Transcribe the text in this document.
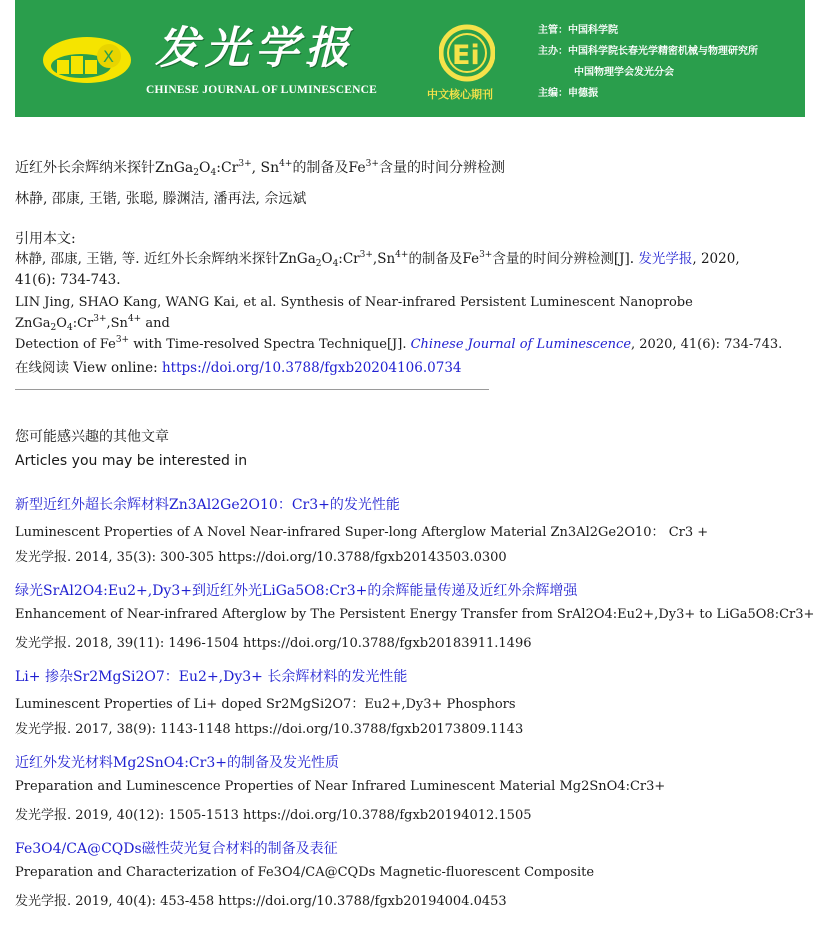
X 发光学报
CHINESE JOURNAL OF LUMINESCENCE
Ei
中文核心期刊
主管：中国科学院
主办：中国科学院长春光学精密机械与物理研究所
中国物理学会发光分会
主编：申德振
近红外长余辉纳米探针$ZnGa_2O_4:Cr^{3+}$, $Sn^{4+}$的制备及$Fe^{3+}$含量的时间分辨检测
林静, 邵康, 王锴, 张聪, 滕渊洁, 潘再法, 佘远斌
引用本文:
林静, 邵康, 王锴, 等. 近红外长余辉纳米探针$ZnGa_2O_4:Cr^{3+},Sn^{4+}$的制备及$Fe^{3+}$含量的时间分辨检测[J]. 发光学报, 2020,
41(6): 734-743.
LIN Jing, SHAO Kang, WANG Kai, et al. Synthesis of Near-infrared Persistent Luminescent Nanoprobe $ZnGa_2O_4:Cr^{3+},Sn^{4+}$ and
Detection of $Fe^{3+}$ with Time-resolved Spectra Technique[J]. Chinese Journal of Luminescence, 2020, 41(6): 734-743.
在线阅读 View online: https://doi.org/10.3788/fgxb20204106.0734
您可能感兴趣的其他文章
Articles you may be interested in
新型近红外超长余辉材料Zn3Al2Ge2O10：Cr3+的发光性能
Luminescent Properties of A Novel Near-infrared Super-long Afterglow Material Zn3Al2Ge2O10： Cr3 +
发光学报. 2014, 35(3): 300-305 https://doi.org/10.3788/fgxb20143503.0300
绿光SrAl2O4:Eu2+,Dy3+到近红外光LiGa5O8:Cr3+的余辉能量传递及近红外余辉增强
Enhancement of Near-infrared Afterglow by The Persistent Energy Transfer from SrAl2O4:Eu2+,Dy3+ to LiGa5O8:Cr3+
发光学报. 2018, 39(11): 1496-1504 https://doi.org/10.3788/fgxb20183911.1496
Li+ 掺杂Sr2MgSi2O7：Eu2+,Dy3+ 长余辉材料的发光性能
Luminescent Properties of Li+ doped Sr2MgSi2O7：Eu2+,Dy3+ Phosphors
发光学报. 2017, 38(9): 1143-1148 https://doi.org/10.3788/fgxb20173809.1143
近红外发光材料Mg2SnO4:Cr3+的制备及发光性质
Preparation and Luminescence Properties of Near Infrared Luminescent Material Mg2SnO4:Cr3+
发光学报. 2019, 40(12): 1505-1513 https://doi.org/10.3788/fgxb20194012.1505
Fe3O4/CA@CQDs磁性荧光复合材料的制备及表征
Preparation and Characterization of Fe3O4/CA@CQDs Magnetic-fluorescent Composite
发光学报. 2019, 40(4): 453-458 https://doi.org/10.3788/fgxb20194004.0453
